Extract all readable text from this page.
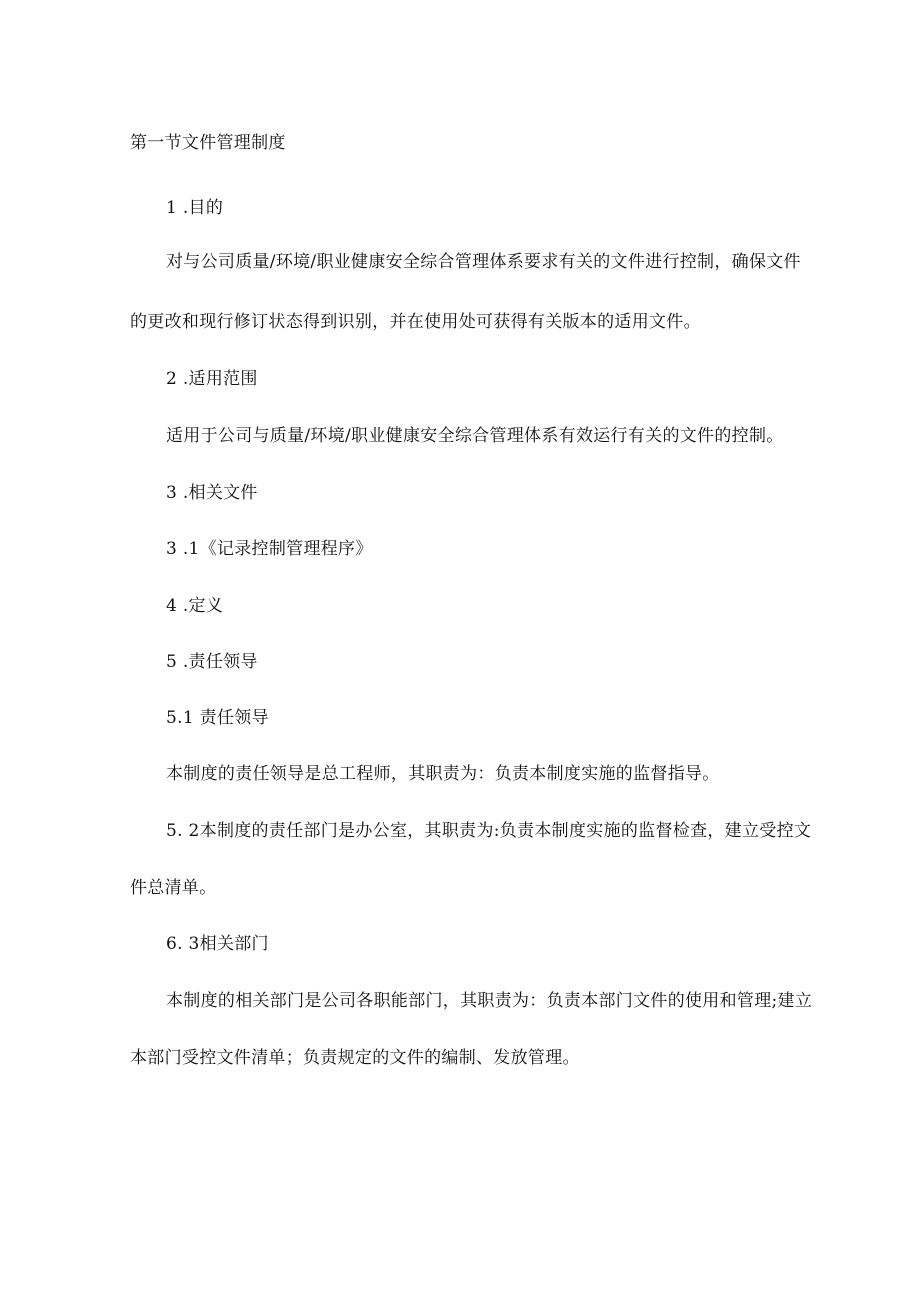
第一节文件管理制度
1 .目的
对与公司质量/环境/职业健康安全综合管理体系要求有关的文件进行控制，确保文件
的更改和现行修订状态得到识别，并在使用处可获得有关版本的适用文件。
2 .适用范围
适用于公司与质量/环境/职业健康安全综合管理体系有效运行有关的文件的控制。
3 .相关文件
3 .1《记录控制管理程序》
4 .定义
5 .责任领导
5.1 责任领导
本制度的责任领导是总工程师，其职责为：负责本制度实施的监督指导。
5. 2本制度的责任部门是办公室，其职责为:负责本制度实施的监督检查，建立受控文
件总清单。
6. 3相关部门
本制度的相关部门是公司各职能部门，其职责为：负责本部门文件的使用和管理;建立
本部门受控文件清单；负责规定的文件的编制、发放管理。
